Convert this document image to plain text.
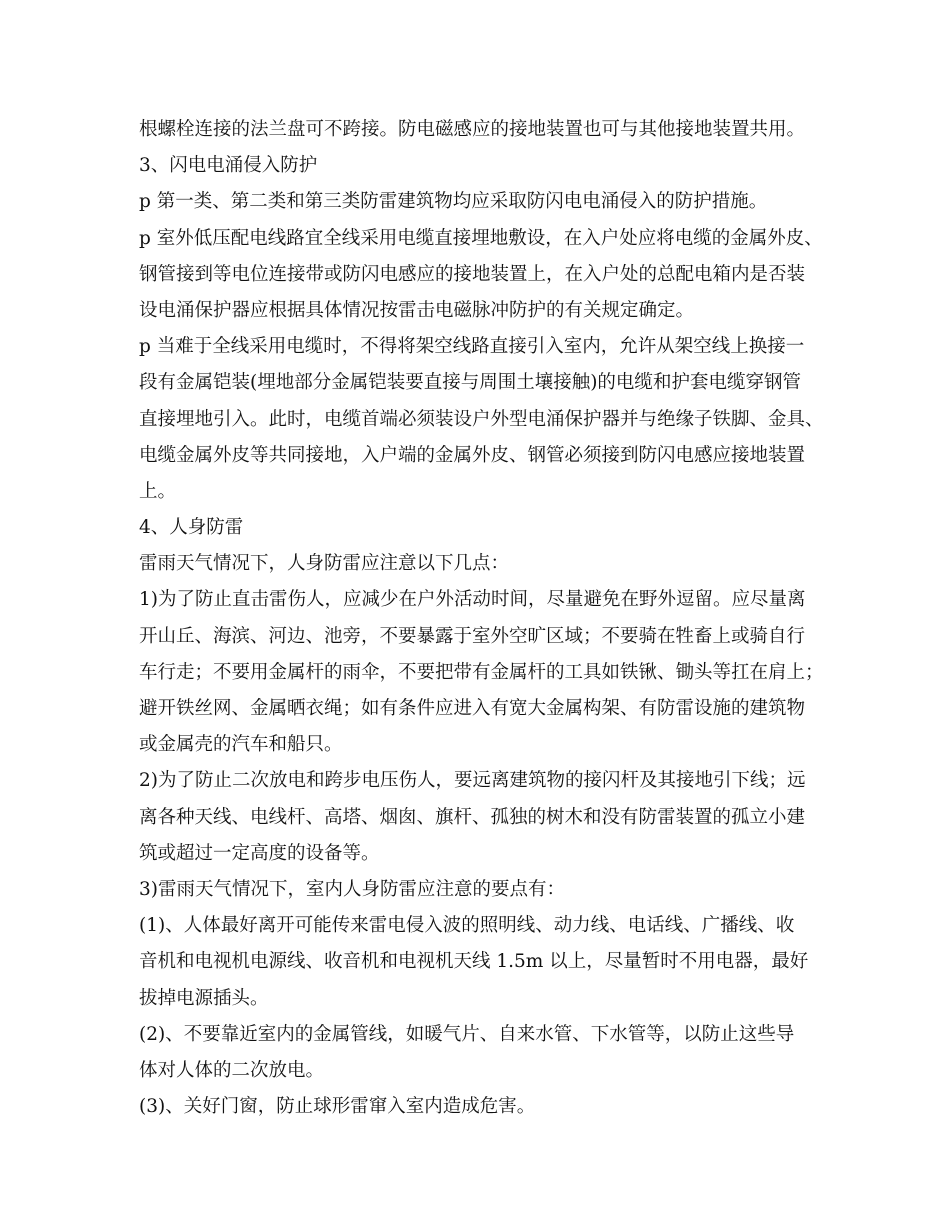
根螺栓连接的法兰盘可不跨接。防电磁感应的接地装置也可与其他接地装置共用。
3、闪电电涌侵入防护
p 第一类、第二类和第三类防雷建筑物均应采取防闪电电涌侵入的防护措施。
p 室外低压配电线路宜全线采用电缆直接埋地敷设，在入户处应将电缆的金属外皮、
钢管接到等电位连接带或防闪电感应的接地装置上，在入户处的总配电箱内是否装
设电涌保护器应根据具体情况按雷击电磁脉冲防护的有关规定确定。
p 当难于全线采用电缆时，不得将架空线路直接引入室内，允许从架空线上换接一
段有金属铠装(埋地部分金属铠装要直接与周围土壤接触)的电缆和护套电缆穿钢管
直接埋地引入。此时，电缆首端必须装设户外型电涌保护器并与绝缘子铁脚、金具、
电缆金属外皮等共同接地，入户端的金属外皮、钢管必须接到防闪电感应接地装置
上。
4、人身防雷
雷雨天气情况下，人身防雷应注意以下几点：
1)为了防止直击雷伤人，应减少在户外活动时间，尽量避免在野外逗留。应尽量离
开山丘、海滨、河边、池旁，不要暴露于室外空旷区域；不要骑在牲畜上或骑自行
车行走；不要用金属杆的雨伞，不要把带有金属杆的工具如铁锹、锄头等扛在肩上；
避开铁丝网、金属晒衣绳；如有条件应进入有宽大金属构架、有防雷设施的建筑物
或金属壳的汽车和船只。
2)为了防止二次放电和跨步电压伤人，要远离建筑物的接闪杆及其接地引下线；远
离各种天线、电线杆、高塔、烟囱、旗杆、孤独的树木和没有防雷装置的孤立小建
筑或超过一定高度的设备等。
3)雷雨天气情况下，室内人身防雷应注意的要点有：
(1)、人体最好离开可能传来雷电侵入波的照明线、动力线、电话线、广播线、收
音机和电视机电源线、收音机和电视机天线 1.5m 以上，尽量暂时不用电器，最好
拔掉电源插头。
(2)、不要靠近室内的金属管线，如暖气片、自来水管、下水管等，以防止这些导
体对人体的二次放电。
(3)、关好门窗，防止球形雷窜入室内造成危害。
